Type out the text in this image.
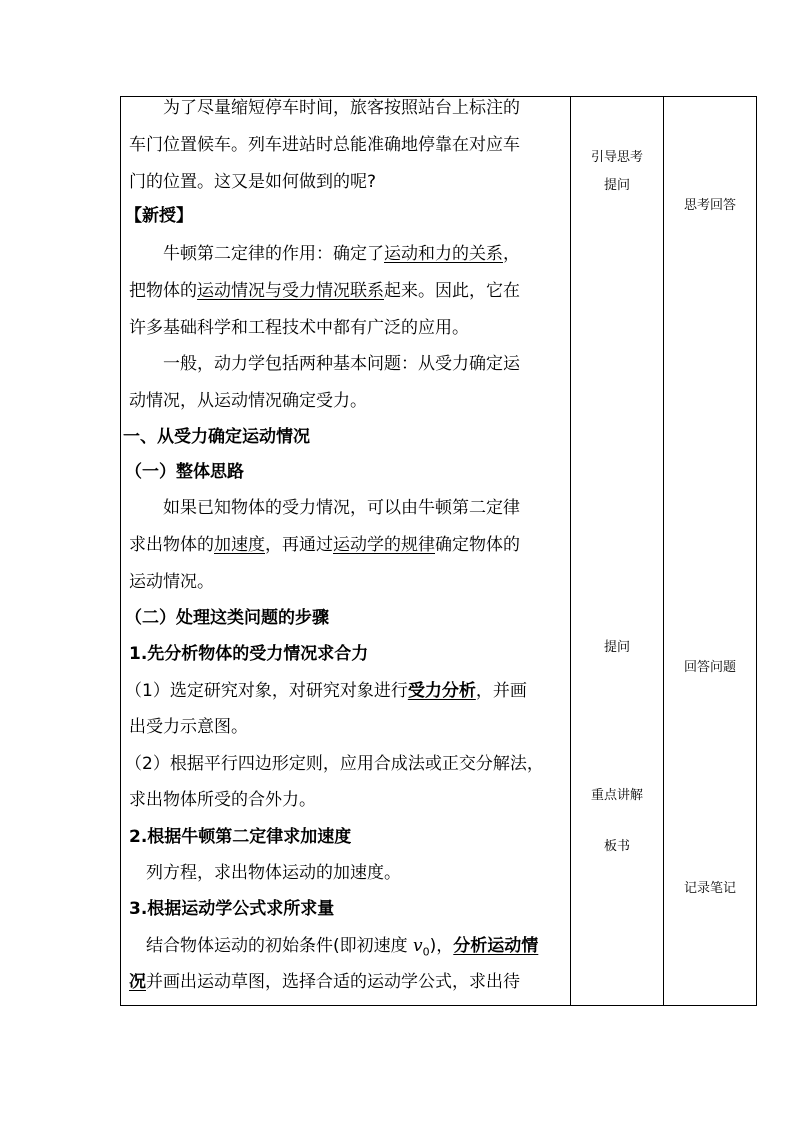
为了尽量缩短停车时间，旅客按照站台上标注的
车门位置候车。列车进站时总能准确地停靠在对应车
门的位置。这又是如何做到的呢?
【新授】
牛顿第二定律的作用：确定了运动和力的关系，
把物体的运动情况与受力情况联系起来。因此，它在
许多基础科学和工程技术中都有广泛的应用。
一般，动力学包括两种基本问题：从受力确定运
动情况，从运动情况确定受力。
一、从受力确定运动情况
（一）整体思路
如果已知物体的受力情况，可以由牛顿第二定律
求出物体的加速度，再通过运动学的规律确定物体的
运动情况。
（二）处理这类问题的步骤
1.先分析物体的受力情况求合力
（1）选定研究对象，对研究对象进行受力分析，并画
出受力示意图。
（2）根据平行四边形定则，应用合成法或正交分解法，
求出物体所受的合外力。
2.根据牛顿第二定律求加速度
列方程，求出物体运动的加速度。
3.根据运动学公式求所求量
结合物体运动的初始条件(即初速度 $v_0$)，分析运动情
况并画出运动草图，选择合适的运动学公式，求出待
引导思考
提问
提问
重点讲解
板书
思考回答
回答问题
记录笔记
